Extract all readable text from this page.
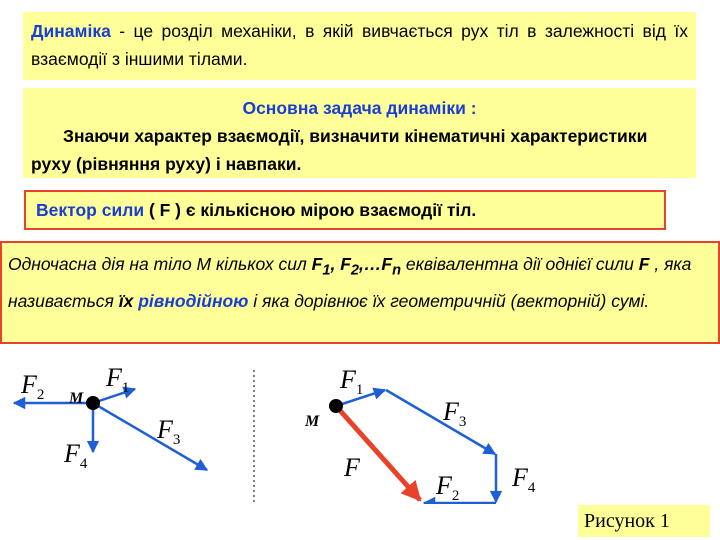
Динаміка - це розділ механіки, в якій вивчається рух тіл в залежності від їх взаємодії з іншими тілами.
Основна задача динаміки :
Знаючи характер взаємодії, визначити кінематичні характеристики руху (рівняння руху) і навпаки.
Вектор сили ( F ) є кількісною мірою взаємодії тіл.
Одночасна дія на тіло М кількох сил $F_1$, $F_2,\dots F_n$ еквівалентна дії однієї сили F , яка називається їх рівнодійною і яка дорівнює їх геометричній (векторній) сумі.
M
$F_2$
$F_1$
$F_3$
$F_4$
M
$F_1$
$F_3$
$F_4$
$F_2$
F
Рисунок 1
